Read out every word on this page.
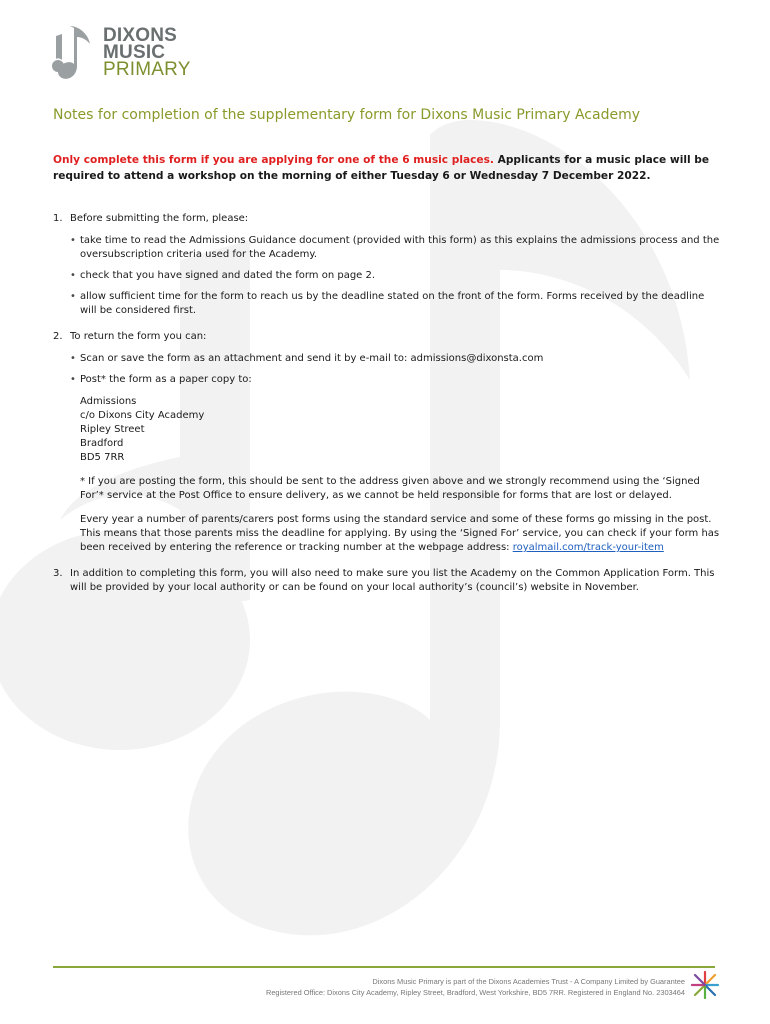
DIXONS
MUSIC
PRIMARY
Notes for completion of the supplementary form for Dixons Music Primary Academy

Only complete this form if you are applying for one of the 6 music places. Applicants for a music place will be required to attend a workshop on the morning of either Tuesday 6 or Wednesday 7 December 2022.

1. Before submitting the form, please:
• take time to read the Admissions Guidance document (provided with this form) as this explains the admissions process and the oversubscription criteria used for the Academy.
• check that you have signed and dated the form on page 2.
• allow sufficient time for the form to reach us by the deadline stated on the front of the form. Forms received by the deadline will be considered first.
2. To return the form you can:
• Scan or save the form as an attachment and send it by e-mail to: admissions@dixonsta.com
• Post* the form as a paper copy to:
Admissions
c/o Dixons City Academy
Ripley Street
Bradford
BD5 7RR
* If you are posting the form, this should be sent to the address given above and we strongly recommend using the ‘Signed For’* service at the Post Office to ensure delivery, as we cannot be held responsible for forms that are lost or delayed.
Every year a number of parents/carers post forms using the standard service and some of these forms go missing in the post. This means that those parents miss the deadline for applying. By using the ‘Signed For’ service, you can check if your form has been received by entering the reference or tracking number at the webpage address: royalmail.com/track-your-item
3. In addition to completing this form, you will also need to make sure you list the Academy on the Common Application Form. This will be provided by your local authority or can be found on your local authority’s (council’s) website in November.
Dixons Music Primary is part of the Dixons Academies Trust - A Company Limited by Guarantee
Registered Office: Dixons City Academy, Ripley Street, Bradford, West Yorkshire, BD5 7RR. Registered in England No. 2303464
